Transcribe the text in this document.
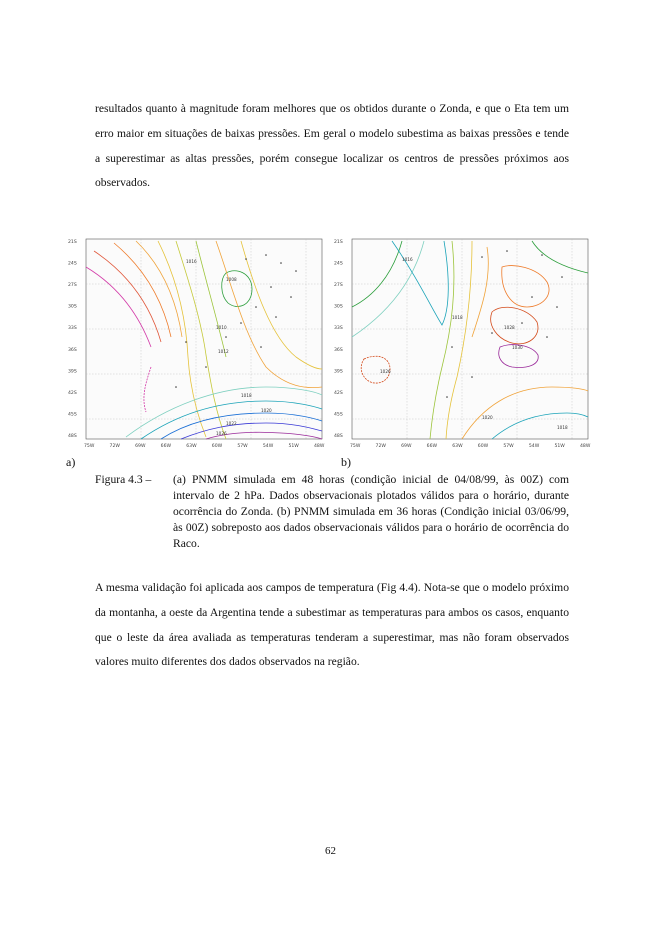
resultados quanto à magnitude foram melhores que os obtidos durante o Zonda, e que o Eta tem um erro maior em situações de baixas pressões. Em geral o modelo subestima as baixas pressões e tende a superestimar as altas pressões, porém consegue localizar os centros de pressões próximos aos observados.

21S
24S
27S
30S
33S
36S
39S
42S
45S
48S
75W	72W	69W	66W	63W	60W	57W	54W	51W	48W
1016
1008
1010
1012
1018
1020
1022
1026
21S
24S
27S
30S
33S
36S
39S
42S
45S
48S
75W	72W	69W	66W	63W	60W	57W	54W	51W	48W
1016
1018
1026
1028
1030
1018
1020
a)	b)
Figura 4.3 – (a) PNMM simulada em 48 horas (condição inicial de 04/08/99, às 00Z) com intervalo de 2 hPa. Dados observacionais plotados válidos para o horário, durante ocorrência do Zonda. (b) PNMM simulada em 36 horas (Condição inicial 03/06/99, às 00Z) sobreposto aos dados observacionais válidos para o horário de ocorrência do Raco.

A mesma validação foi aplicada aos campos de temperatura (Fig 4.4). Nota-se que o modelo próximo da montanha, a oeste da Argentina tende a subestimar as temperaturas para ambos os casos, enquanto que o leste da área avaliada as temperaturas tenderam a superestimar, mas não foram observados valores muito diferentes dos dados observados na região.

62
